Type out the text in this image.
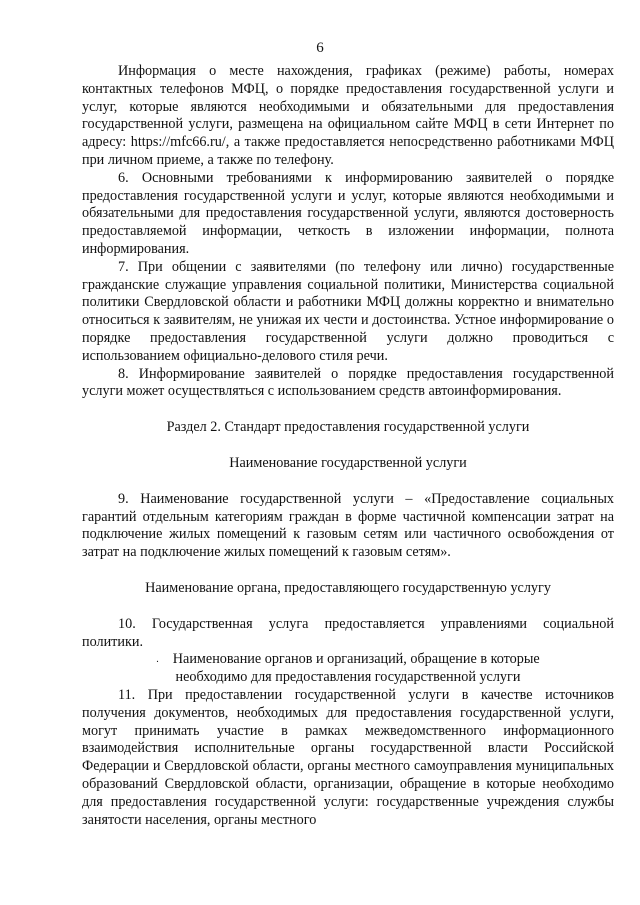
6

Информация о месте нахождения, графиках (режиме) работы, номерах контактных телефонов МФЦ, о порядке предоставления государственной услуги и услуг, которые являются необходимыми и обязательными для предоставления государственной услуги, размещена на официальном сайте МФЦ в сети Интернет по адресу: https://mfc66.ru/, а также предоставляется непосредственно работниками МФЦ при личном приеме, а также по телефону.

6. Основными требованиями к информированию заявителей о порядке предоставления государственной услуги и услуг, которые являются необходимыми и обязательными для предоставления государственной услуги, являются достоверность предоставляемой информации, четкость в изложении информации, полнота информирования.

7. При общении с заявителями (по телефону или лично) государственные гражданские служащие управления социальной политики, Министерства социальной политики Свердловской области и работники МФЦ должны корректно и внимательно относиться к заявителям, не унижая их чести и достоинства. Устное информирование о порядке предоставления государственной услуги должно проводиться с использованием официально-делового стиля речи.

8. Информирование заявителей о порядке предоставления государственной услуги может осуществляться с использованием средств автоинформирования.

Раздел 2. Стандарт предоставления государственной услуги

Наименование государственной услуги

9. Наименование государственной услуги – «Предоставление социальных гарантий отдельным категориям граждан в форме частичной компенсации затрат на подключение жилых помещений к газовым сетям или частичного освобождения от затрат на подключение жилых помещений к газовым сетям».

Наименование органа, предоставляющего государственную услугу

10. Государственная услуга предоставляется управлениями социальной политики.

. Наименование органов и организаций, обращение в которые
необходимо для предоставления государственной услуги

11. При предоставлении государственной услуги в качестве источников получения документов, необходимых для предоставления государственной услуги, могут принимать участие в рамках межведомственного информационного взаимодействия исполнительные органы государственной власти Российской Федерации и Свердловской области, органы местного самоуправления муниципальных образований Свердловской области, организации, обращение в которые необходимо для предоставления государственной услуги: государственные учреждения службы занятости населения, органы местного
